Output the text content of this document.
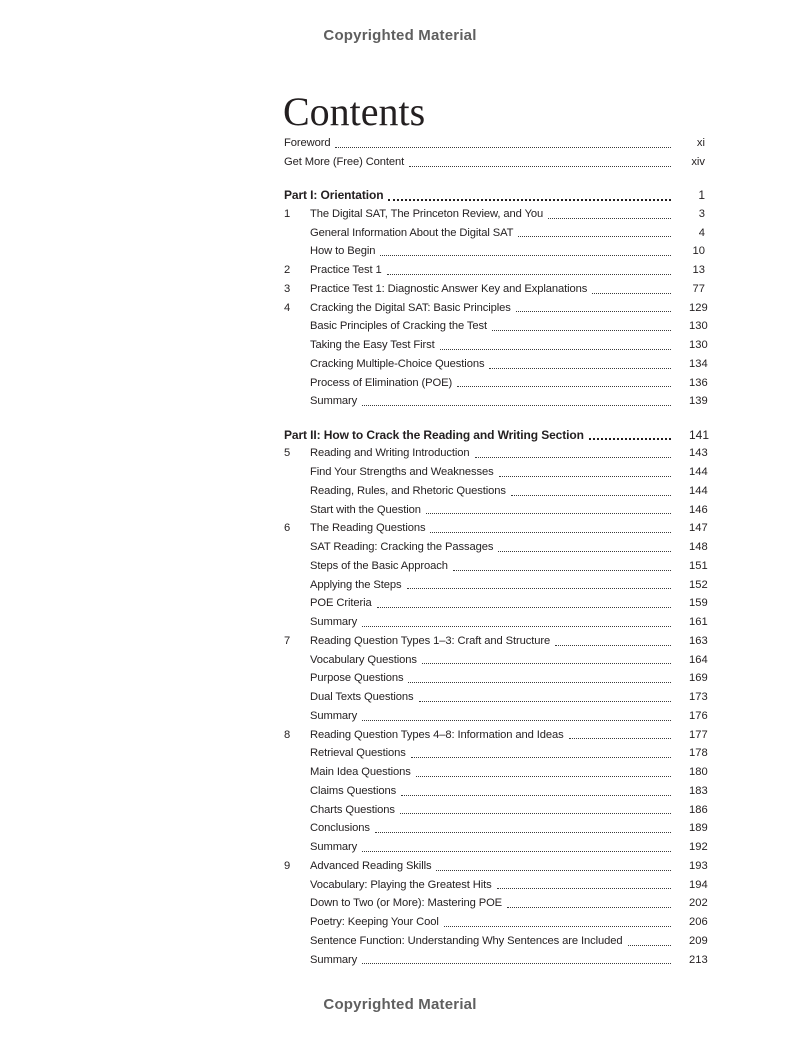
Copyrighted Material
Contents
Foreword	xi
Get More (Free) Content	xiv
Part I: Orientation	1
1	The Digital SAT, The Princeton Review, and You	3
General Information About the Digital SAT	4
How to Begin	10
2	Practice Test 1	13
3	Practice Test 1: Diagnostic Answer Key and Explanations	77
4	Cracking the Digital SAT: Basic Principles	129
Basic Principles of Cracking the Test	130
Taking the Easy Test First	130
Cracking Multiple-Choice Questions	134
Process of Elimination (POE)	136
Summary	139
Part II: How to Crack the Reading and Writing Section	141
5	Reading and Writing Introduction	143
Find Your Strengths and Weaknesses	144
Reading, Rules, and Rhetoric Questions	144
Start with the Question	146
6	The Reading Questions	147
SAT Reading: Cracking the Passages	148
Steps of the Basic Approach	151
Applying the Steps	152
POE Criteria	159
Summary	161
7	Reading Question Types 1–3: Craft and Structure	163
Vocabulary Questions	164
Purpose Questions	169
Dual Texts Questions	173
Summary	176
8	Reading Question Types 4–8: Information and Ideas	177
Retrieval Questions	178
Main Idea Questions	180
Claims Questions	183
Charts Questions	186
Conclusions	189
Summary	192
9	Advanced Reading Skills	193
Vocabulary: Playing the Greatest Hits	194
Down to Two (or More): Mastering POE	202
Poetry: Keeping Your Cool	206
Sentence Function: Understanding Why Sentences are Included	209
Summary	213
Copyrighted Material
